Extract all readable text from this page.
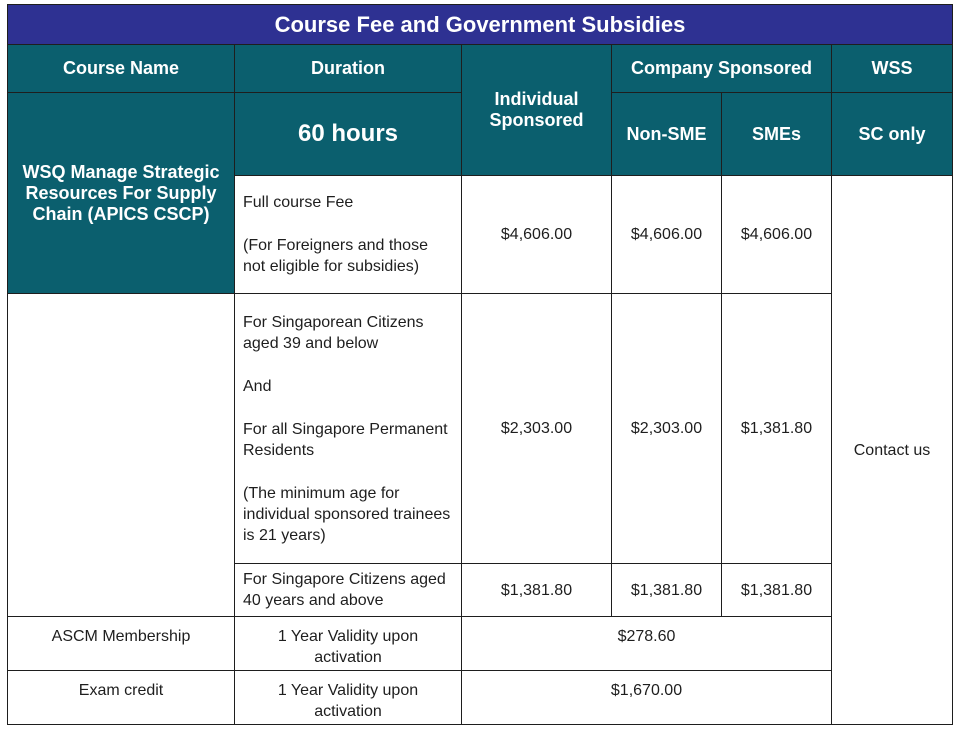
Course Fee and Government Subsidies					
Course Name	Duration	Individual Sponsored	Company Sponsored		WSS
WSQ Manage Strategic Resources For Supply Chain (APICS CSCP)	60 hours		Non-SME	SMEs	SC only

	Full course Fee
(For Foreigners and those not eligible for subsidies)	$4,606.00	$4,606.00	$4,606.00	Contact us

	For Singaporean Citizens aged 39 and below
And
For all Singapore Permanent Residents
(The minimum age for individual sponsored trainees is 21 years)	$2,303.00	$2,303.00	$1,381.80	
	For Singapore Citizens aged 40 years and above	$1,381.80	$1,381.80	$1,381.80	
ASCM Membership	1 Year Validity upon activation	$278.60			
Exam credit	1 Year Validity upon activation	$1,670.00			
